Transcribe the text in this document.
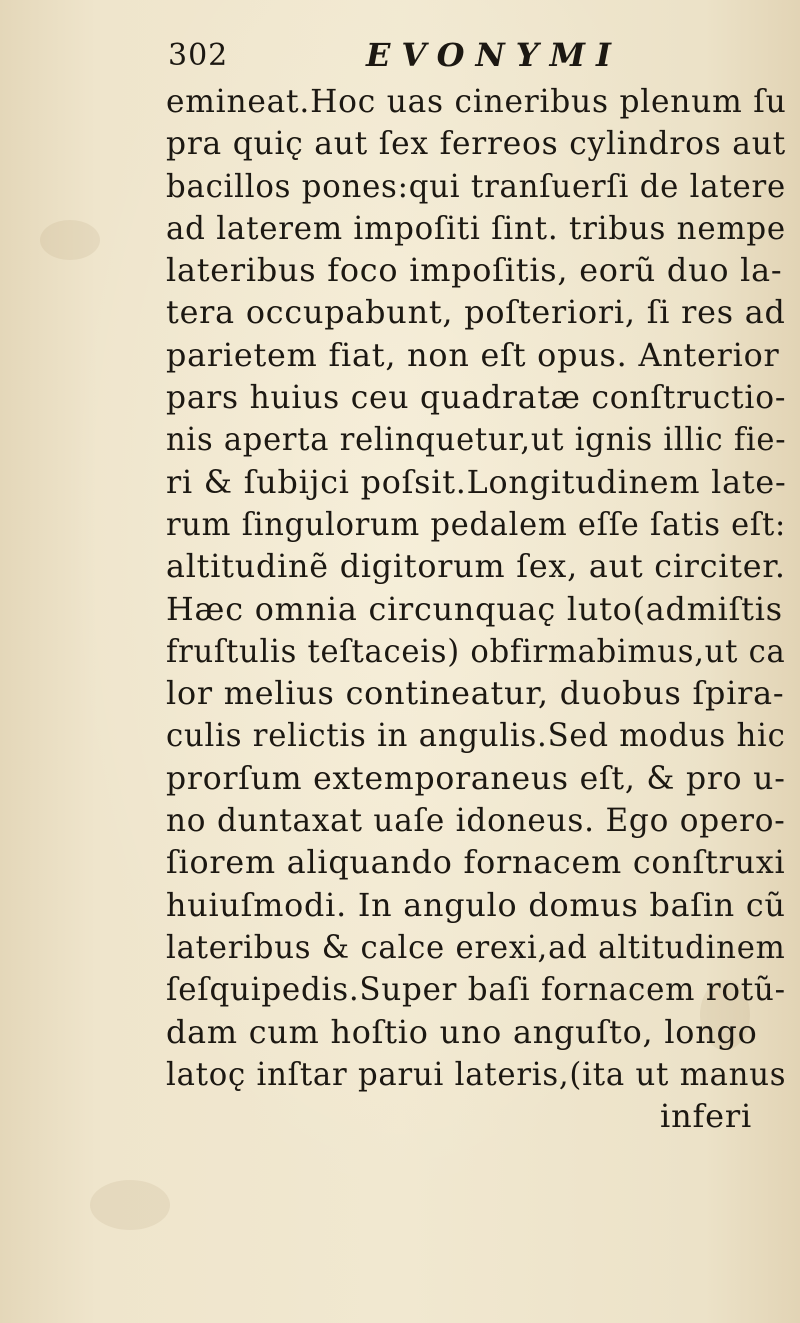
302	EVONYMI
emineat.Hoc uas cineribus plenum ſu
pra quic̨ aut ſex ferreos cylindros aut
bacillos pones:qui tranſuerſi de latere
ad laterem impoſiti ſint. tribus nempe
lateribus foco impoſitis, eorũ duo la-
tera occupabunt, poſteriori, ſi res ad
parietem fiat, non eſt opus. Anterior
pars huius ceu quadratæ conſtructio-
nis aperta relinquetur,ut ignis illic fie-
ri & ſubijci poſsit.Longitudinem late-
rum ſingulorum pedalem eſſe ſatis eſt:
altitudinẽ digitorum ſex, aut circiter.
Hæc omnia circunquac̨ luto(admiſtis
fruſtulis teſtaceis) obfirmabimus,ut ca
lor melius contineatur, duobus ſpira-
culis relictis in angulis.Sed modus hic
prorſum extemporaneus eſt, & pro u-
no duntaxat uaſe idoneus. Ego opero-
ſiorem aliquando fornacem conſtruxi
huiuſmodi. In angulo domus baſin cũ
lateribus & calce erexi,ad altitudinem
ſeſquipedis.Super baſi fornacem rotũ-
dam cum hoſtio uno anguſto, longo
latoc̨ inſtar parui lateris,(ita ut manus
inferi
